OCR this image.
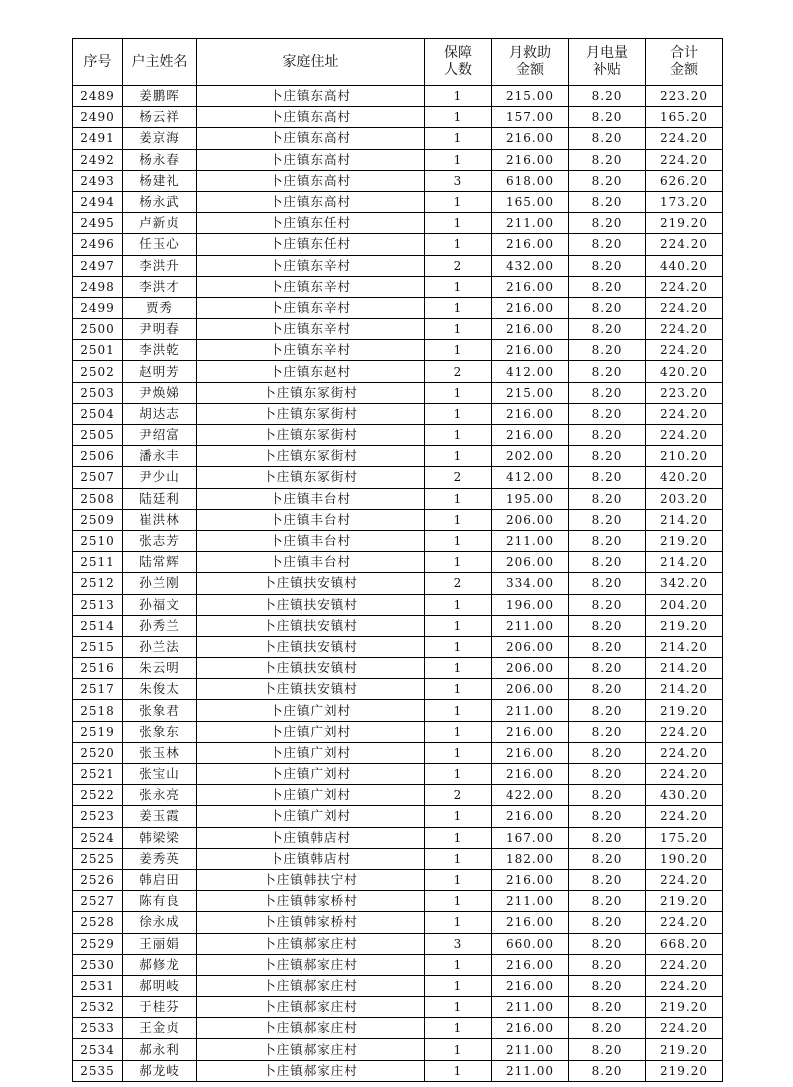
序号	户主姓名	家庭住址	保障人数	月救助金额	月电量补贴	合计金额
2489	姜鹏晖	卜庄镇东高村	1	215.00	8.20	223.20
2490	杨云祥	卜庄镇东高村	1	157.00	8.20	165.20
2491	姜京海	卜庄镇东高村	1	216.00	8.20	224.20
2492	杨永春	卜庄镇东高村	1	216.00	8.20	224.20
2493	杨建礼	卜庄镇东高村	3	618.00	8.20	626.20
2494	杨永武	卜庄镇东高村	1	165.00	8.20	173.20
2495	卢新贞	卜庄镇东任村	1	211.00	8.20	219.20
2496	任玉心	卜庄镇东任村	1	216.00	8.20	224.20
2497	李洪升	卜庄镇东辛村	2	432.00	8.20	440.20
2498	李洪才	卜庄镇东辛村	1	216.00	8.20	224.20
2499	贾秀	卜庄镇东辛村	1	216.00	8.20	224.20
2500	尹明春	卜庄镇东辛村	1	216.00	8.20	224.20
2501	李洪乾	卜庄镇东辛村	1	216.00	8.20	224.20
2502	赵明芳	卜庄镇东赵村	2	412.00	8.20	420.20
2503	尹焕娣	卜庄镇东冢街村	1	215.00	8.20	223.20
2504	胡达志	卜庄镇东冢街村	1	216.00	8.20	224.20
2505	尹绍富	卜庄镇东冢街村	1	216.00	8.20	224.20
2506	潘永丰	卜庄镇东冢街村	1	202.00	8.20	210.20
2507	尹少山	卜庄镇东冢街村	2	412.00	8.20	420.20
2508	陆廷利	卜庄镇丰台村	1	195.00	8.20	203.20
2509	崔洪林	卜庄镇丰台村	1	206.00	8.20	214.20
2510	张志芳	卜庄镇丰台村	1	211.00	8.20	219.20
2511	陆常辉	卜庄镇丰台村	1	206.00	8.20	214.20
2512	孙兰刚	卜庄镇扶安镇村	2	334.00	8.20	342.20
2513	孙福文	卜庄镇扶安镇村	1	196.00	8.20	204.20
2514	孙秀兰	卜庄镇扶安镇村	1	211.00	8.20	219.20
2515	孙兰法	卜庄镇扶安镇村	1	206.00	8.20	214.20
2516	朱云明	卜庄镇扶安镇村	1	206.00	8.20	214.20
2517	朱俊太	卜庄镇扶安镇村	1	206.00	8.20	214.20
2518	张象君	卜庄镇广刘村	1	211.00	8.20	219.20
2519	张象东	卜庄镇广刘村	1	216.00	8.20	224.20
2520	张玉林	卜庄镇广刘村	1	216.00	8.20	224.20
2521	张宝山	卜庄镇广刘村	1	216.00	8.20	224.20
2522	张永亮	卜庄镇广刘村	2	422.00	8.20	430.20
2523	姜玉霞	卜庄镇广刘村	1	216.00	8.20	224.20
2524	韩梁梁	卜庄镇韩店村	1	167.00	8.20	175.20
2525	姜秀英	卜庄镇韩店村	1	182.00	8.20	190.20
2526	韩启田	卜庄镇韩扶宁村	1	216.00	8.20	224.20
2527	陈有良	卜庄镇韩家桥村	1	211.00	8.20	219.20
2528	徐永成	卜庄镇韩家桥村	1	216.00	8.20	224.20
2529	王丽娟	卜庄镇郝家庄村	3	660.00	8.20	668.20
2530	郝修龙	卜庄镇郝家庄村	1	216.00	8.20	224.20
2531	郝明岐	卜庄镇郝家庄村	1	216.00	8.20	224.20
2532	于桂芬	卜庄镇郝家庄村	1	211.00	8.20	219.20
2533	王金贞	卜庄镇郝家庄村	1	216.00	8.20	224.20
2534	郝永利	卜庄镇郝家庄村	1	211.00	8.20	219.20
2535	郝龙岐	卜庄镇郝家庄村	1	211.00	8.20	219.20
